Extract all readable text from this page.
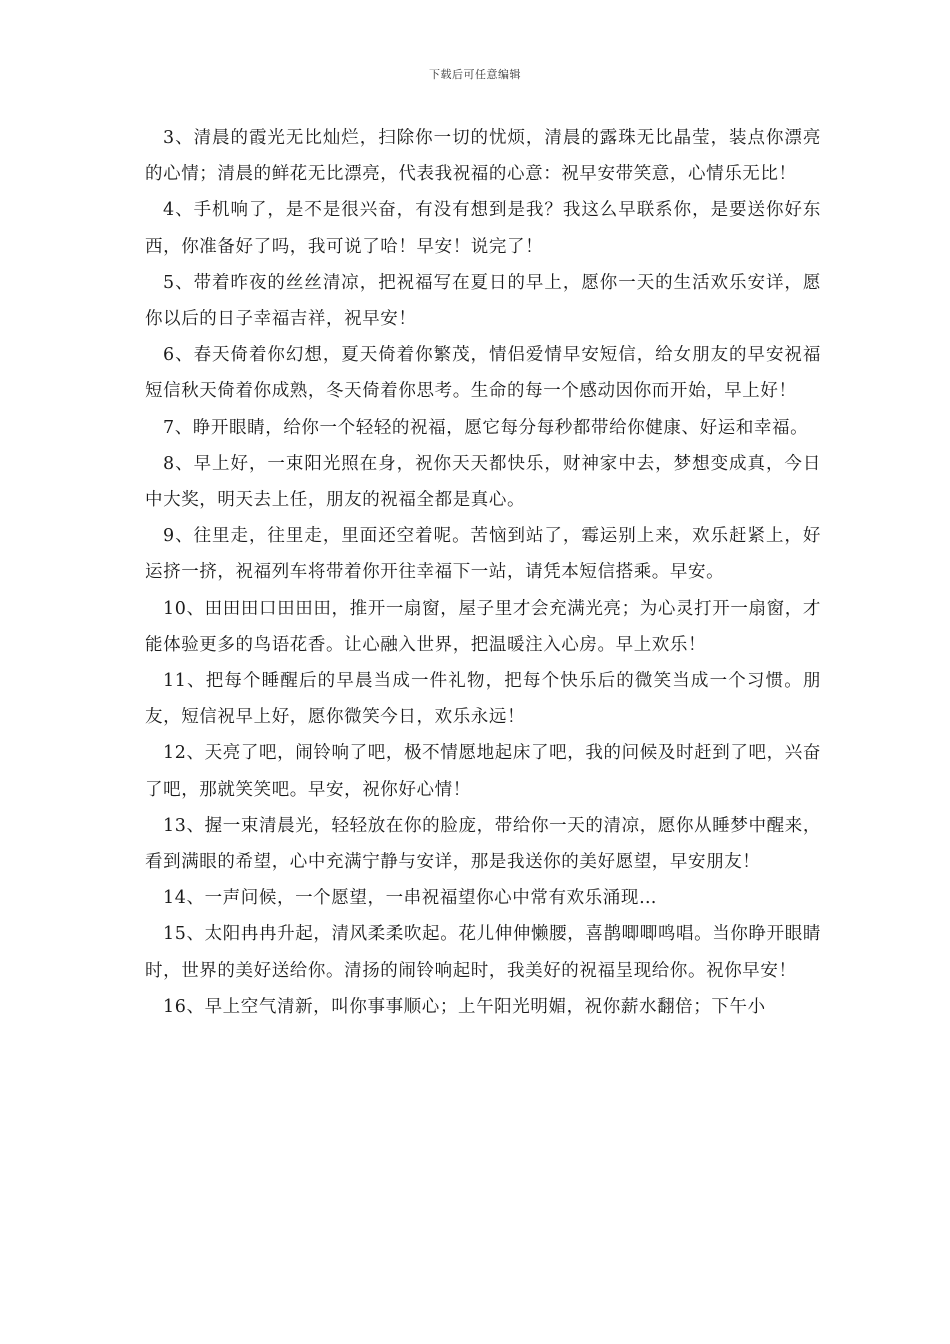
下载后可任意编辑

3、清晨的霞光无比灿烂，扫除你一切的忧烦，清晨的露珠无比晶莹，装点你漂亮的心情；清晨的鲜花无比漂亮，代表我祝福的心意：祝早安带笑意，心情乐无比！

4、手机响了，是不是很兴奋，有没有想到是我？我这么早联系你，是要送你好东西，你准备好了吗，我可说了哈！早安！说完了！

5、带着昨夜的丝丝清凉，把祝福写在夏日的早上，愿你一天的生活欢乐安详，愿你以后的日子幸福吉祥，祝早安！

6、春天倚着你幻想，夏天倚着你繁茂，情侣爱情早安短信，给女朋友的早安祝福短信秋天倚着你成熟，冬天倚着你思考。生命的每一个感动因你而开始，早上好！

7、睁开眼睛，给你一个轻轻的祝福，愿它每分每秒都带给你健康、好运和幸福。

8、早上好，一束阳光照在身，祝你天天都快乐，财神家中去，梦想变成真，今日中大奖，明天去上任，朋友的祝福全都是真心。

9、往里走，往里走，里面还空着呢。苦恼到站了，霉运别上来，欢乐赶紧上，好运挤一挤，祝福列车将带着你开往幸福下一站，请凭本短信搭乘。早安。

10、田田田口田田田，推开一扇窗，屋子里才会充满光亮；为心灵打开一扇窗，才能体验更多的鸟语花香。让心融入世界，把温暖注入心房。早上欢乐！

11、把每个睡醒后的早晨当成一件礼物，把每个快乐后的微笑当成一个习惯。朋友，短信祝早上好，愿你微笑今日，欢乐永远！

12、天亮了吧，闹铃响了吧，极不情愿地起床了吧，我的问候及时赶到了吧，兴奋了吧，那就笑笑吧。早安，祝你好心情！

13、握一束清晨光，轻轻放在你的脸庞，带给你一天的清凉，愿你从睡梦中醒来，看到满眼的希望，心中充满宁静与安详，那是我送你的美好愿望，早安朋友！

14、一声问候，一个愿望，一串祝福望你心中常有欢乐涌现…

15、太阳冉冉升起，清风柔柔吹起。花儿伸伸懒腰，喜鹊唧唧鸣唱。当你睁开眼睛时，世界的美好送给你。清扬的闹铃响起时，我美好的祝福呈现给你。祝你早安！

16、早上空气清新，叫你事事顺心；上午阳光明媚，祝你薪水翻倍；下午小
